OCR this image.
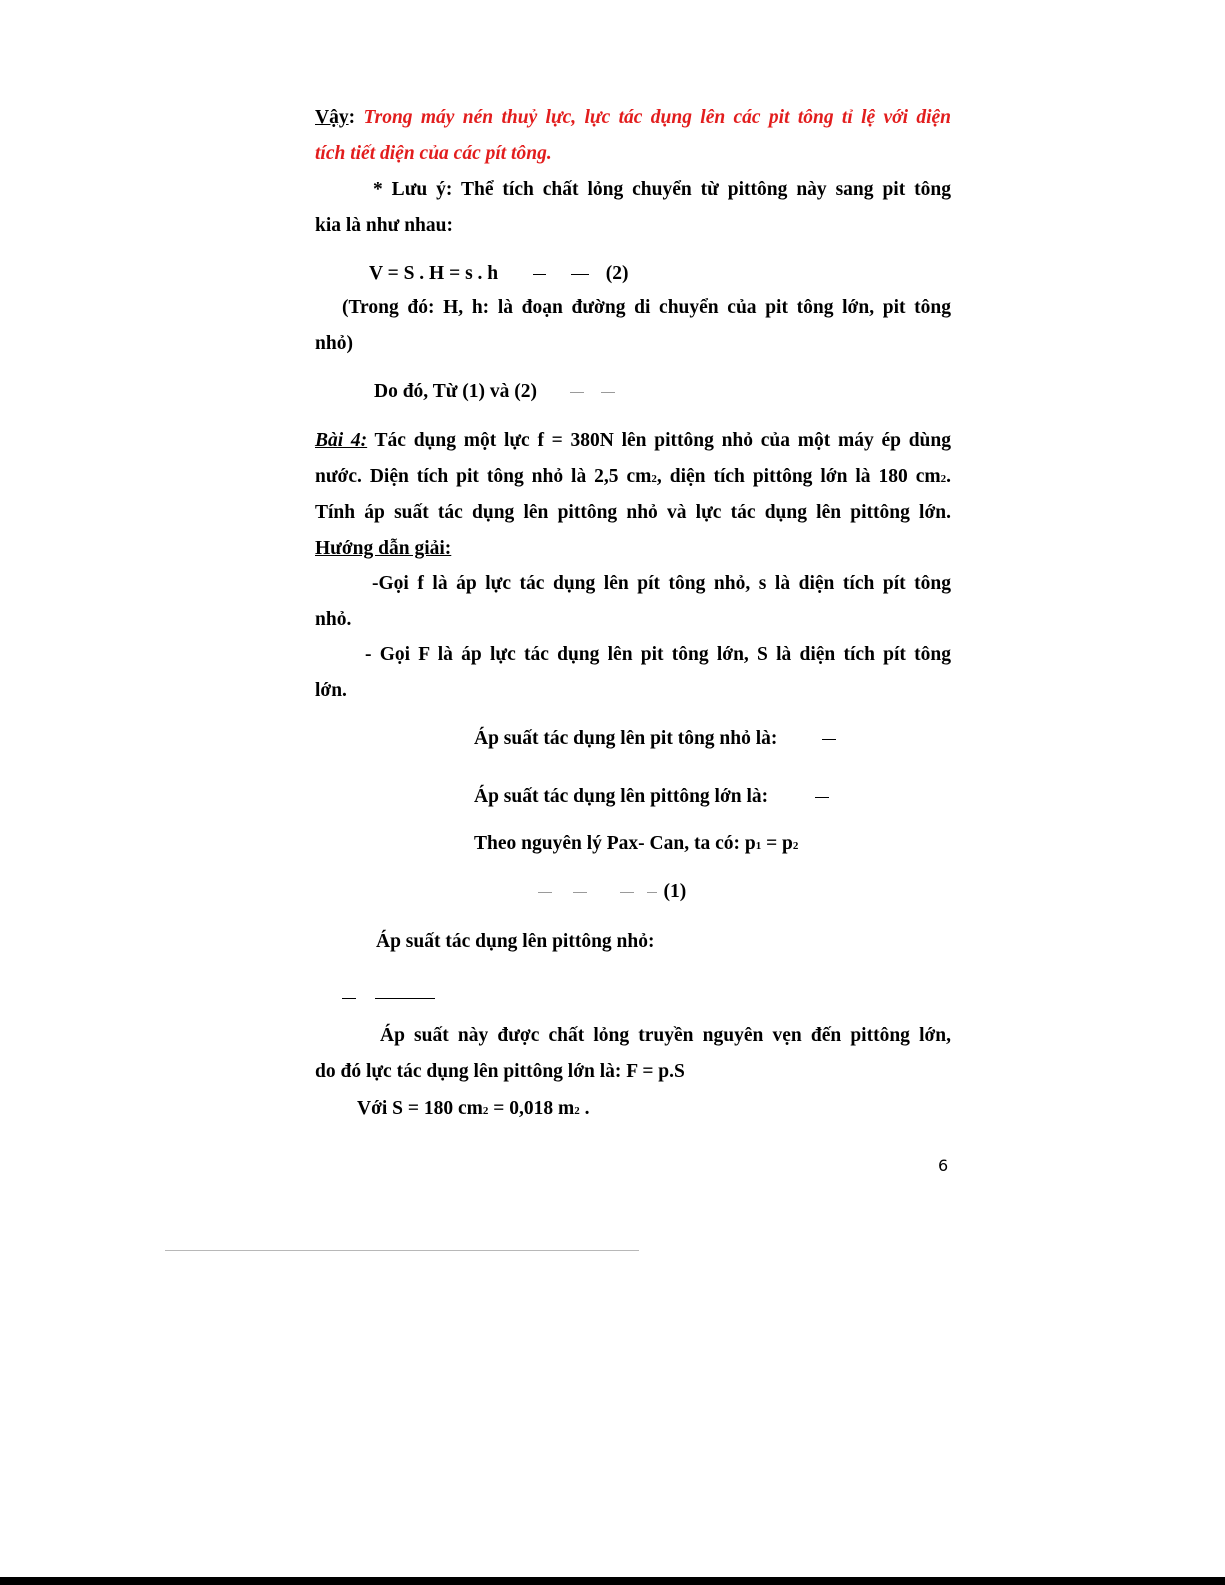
Vậy: Trong máy nén thuỷ lực, lực tác dụng lên các pit tông tỉ lệ với diện
tích tiết diện của các pít tông.
* Lưu ý: Thể tích chất lỏng chuyển từ pittông này sang pit tông
kia là như nhau:
V = S . H = s . h	(2)
(Trong đó: H, h: là đoạn đường di chuyển của pit tông lớn, pit tông
nhỏ)
Do đó, Từ (1) và (2)
Bài 4: Tác dụng một lực f = 380N lên pittông nhỏ của một máy ép dùng
nước. Diện tích pit tông nhỏ là 2,5 cm2, diện tích pittông lớn là 180 cm2.
Tính áp suất tác dụng lên pittông nhỏ và lực tác dụng lên pittông lớn.
Hướng dẫn giải:
-Gọi f là áp lực tác dụng lên pít tông nhỏ, s là diện tích pít tông
nhỏ.
- Gọi F là áp lực tác dụng lên pit tông lớn, S là diện tích pít tông
lớn.
Áp suất tác dụng lên pit tông nhỏ là:
Áp suất tác dụng lên pittông lớn là:
Theo nguyên lý Pax- Can, ta có: p1 = p2
(1)
Áp suất tác dụng lên pittông nhỏ:

Áp suất này được chất lỏng truyền nguyên vẹn đến pittông lớn,
do đó lực tác dụng lên pittông lớn là: F = p.S
Với S = 180 cm2 = 0,018 m2 .
6
